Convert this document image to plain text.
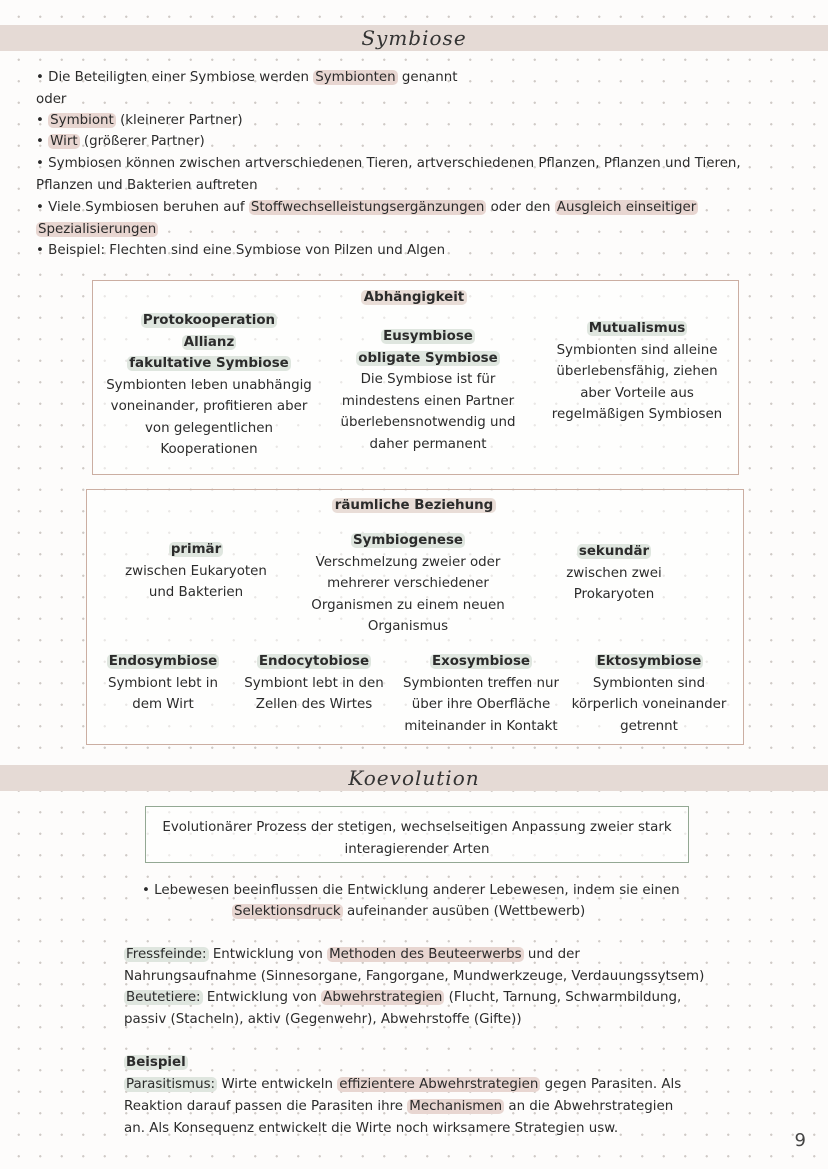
Symbiose
• Die Beteiligten einer Symbiose werden Symbionten genannt
oder
• Symbiont (kleinerer Partner)
• Wirt (größerer Partner)
• Symbiosen können zwischen artverschiedenen Tieren, artverschiedenen Pflanzen, Pflanzen und Tieren,
Pflanzen und Bakterien auftreten
• Viele Symbiosen beruhen auf Stoffwechselleistungsergänzungen oder den Ausgleich einseitiger
Spezialisierungen
• Beispiel: Flechten sind eine Symbiose von Pilzen und Algen
Abhängigkeit
Protokooperation
Allianz
fakultative Symbiose
Symbionten leben unabhängig
voneinander, profitieren aber
von gelegentlichen
Kooperationen
Eusymbiose
obligate Symbiose
Die Symbiose ist für
mindestens einen Partner
überlebensnotwendig und
daher permanent
Mutualismus
Symbionten sind alleine
überlebensfähig, ziehen
aber Vorteile aus
regelmäßigen Symbiosen
räumliche Beziehung
primär
zwischen Eukaryoten
und Bakterien
Symbiogenese
Verschmelzung zweier oder
mehrerer verschiedener
Organismen zu einem neuen
Organismus
sekundär
zwischen zwei
Prokaryoten
Endosymbiose
Symbiont lebt in
dem Wirt
Endocytobiose
Symbiont lebt in den
Zellen des Wirtes
Exosymbiose
Symbionten treffen nur
über ihre Oberfläche
miteinander in Kontakt
Ektosymbiose
Symbionten sind
körperlich voneinander
getrennt
Koevolution
Evolutionärer Prozess der stetigen, wechselseitigen Anpassung zweier stark
interagierender Arten
• Lebewesen beeinflussen die Entwicklung anderer Lebewesen, indem sie einen
Selektionsdruck aufeinander ausüben (Wettbewerb)
Fressfeinde: Entwicklung von Methoden des Beuteerwerbs und der
Nahrungsaufnahme (Sinnesorgane, Fangorgane, Mundwerkzeuge, Verdauungssytsem)
Beutetiere: Entwicklung von Abwehrstrategien (Flucht, Tarnung, Schwarmbildung,
passiv (Stacheln), aktiv (Gegenwehr), Abwehrstoffe (Gifte))
Beispiel
Parasitismus: Wirte entwickeln effizientere Abwehrstrategien gegen Parasiten. Als
Reaktion darauf passen die Parasiten ihre Mechanismen an die Abwehrstrategien
an. Als Konsequenz entwickelt die Wirte noch wirksamere Strategien usw.
9
